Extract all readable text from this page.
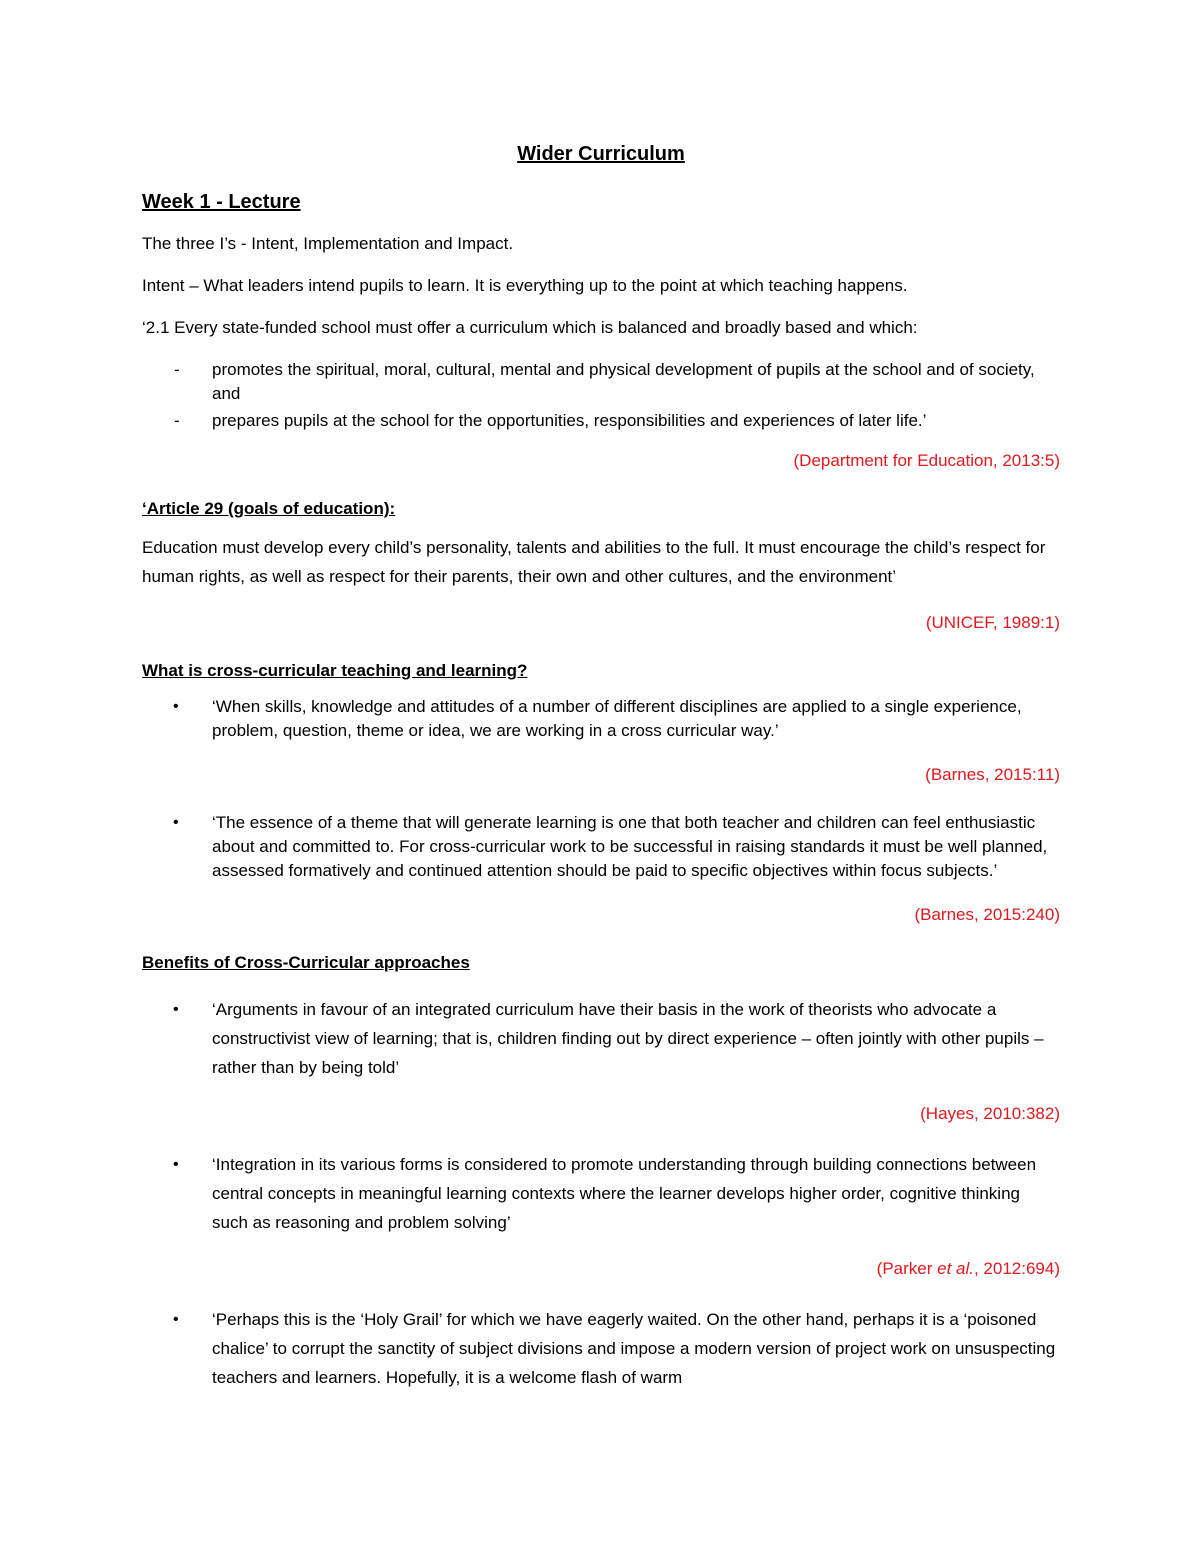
Wider Curriculum
Week 1 - Lecture

The three I’s - Intent, Implementation and Impact.

Intent – What leaders intend pupils to learn. It is everything up to the point at which teaching happens.

‘2.1 Every state-funded school must offer a curriculum which is balanced and broadly based and which:

- promotes the spiritual, moral, cultural, mental and physical development of pupils at the school and of society, and
- prepares pupils at the school for the opportunities, responsibilities and experiences of later life.’

(Department for Education, 2013:5)

‘Article 29 (goals of education):

Education must develop every child’s personality, talents and abilities to the full. It must encourage the child’s respect for human rights, as well as respect for their parents, their own and other cultures, and the environment’

(UNICEF, 1989:1)

What is cross-curricular teaching and learning?

• ‘When skills, knowledge and attitudes of a number of different disciplines are applied to a single experience, problem, question, theme or idea, we are working in a cross curricular way.’

(Barnes, 2015:11)

• ‘The essence of a theme that will generate learning is one that both teacher and children can feel enthusiastic about and committed to. For cross-curricular work to be successful in raising standards it must be well planned, assessed formatively and continued attention should be paid to specific objectives within focus subjects.’

(Barnes, 2015:240)

Benefits of Cross-Curricular approaches

• ‘Arguments in favour of an integrated curriculum have their basis in the work of theorists who advocate a constructivist view of learning; that is, children finding out by direct experience – often jointly with other pupils – rather than by being told’

(Hayes, 2010:382)

• ‘Integration in its various forms is considered to promote understanding through building connections between central concepts in meaningful learning contexts where the learner develops higher order, cognitive thinking such as reasoning and problem solving’

(Parker et al., 2012:694)

• ‘Perhaps this is the ‘Holy Grail’ for which we have eagerly waited. On the other hand, perhaps it is a ‘poisoned chalice’ to corrupt the sanctity of subject divisions and impose a modern version of project work on unsuspecting teachers and learners. Hopefully, it is a welcome flash of warm
